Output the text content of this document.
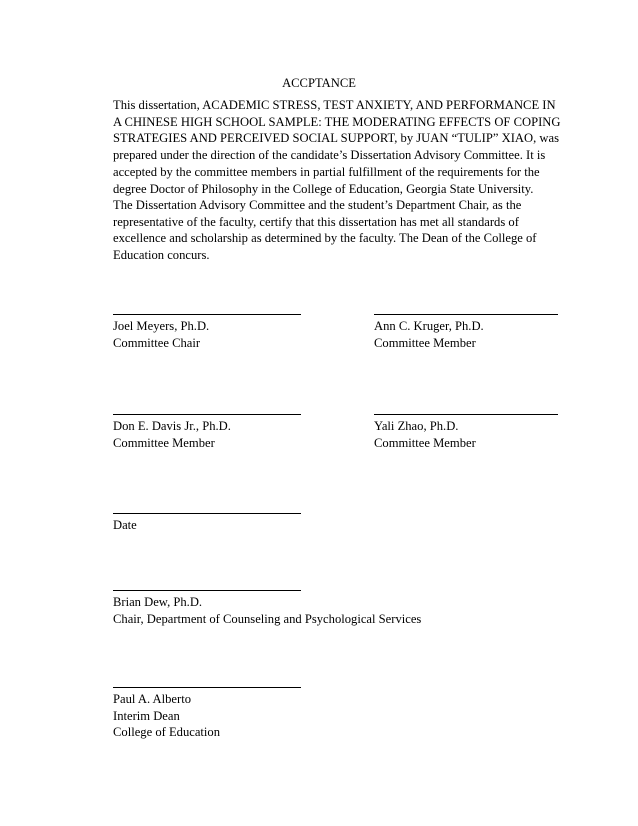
ACCPTANCE

This dissertation, ACADEMIC STRESS, TEST ANXIETY, AND PERFORMANCE IN A CHINESE HIGH SCHOOL SAMPLE: THE MODERATING EFFECTS OF COPING STRATEGIES AND PERCEIVED SOCIAL SUPPORT, by JUAN “TULIP” XIAO, was prepared under the direction of the candidate’s Dissertation Advisory Committee. It is accepted by the committee members in partial fulfillment of the requirements for the degree Doctor of Philosophy in the College of Education, Georgia State University.

The Dissertation Advisory Committee and the student’s Department Chair, as the representative of the faculty, certify that this dissertation has met all standards of excellence and scholarship as determined by the faculty. The Dean of the College of Education concurs.

Joel Meyers, Ph.D.
Committee Chair
Ann C. Kruger, Ph.D.
Committee Member
Don E. Davis Jr., Ph.D.
Committee Member
Yali Zhao, Ph.D.
Committee Member
Date
Brian Dew, Ph.D.
Chair, Department of Counseling and Psychological Services
Paul A. Alberto
Interim Dean
College of Education
